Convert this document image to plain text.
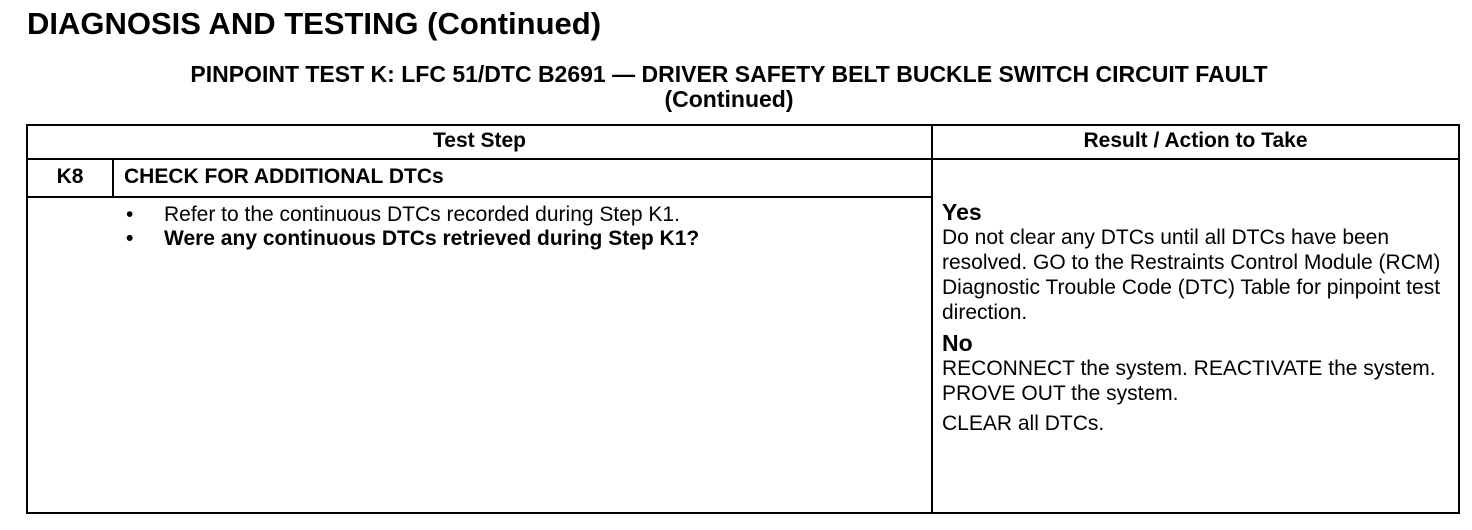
DIAGNOSIS AND TESTING (Continued)
PINPOINT TEST K: LFC 51/DTC B2691 — DRIVER SAFETY BELT BUCKLE SWITCH CIRCUIT FAULT
(Continued)
Test Step	Result / Action to Take
K8	CHECK FOR ADDITIONAL DTCs
•	Refer to the continuous DTCs recorded during Step K1.
•	Were any continuous DTCs retrieved during Step K1?
Yes
Do not clear any DTCs until all DTCs have been resolved. GO to the Restraints Control Module (RCM) Diagnostic Trouble Code (DTC) Table for pinpoint test direction.
No
RECONNECT the system. REACTIVATE the system. PROVE OUT the system.
CLEAR all DTCs.
